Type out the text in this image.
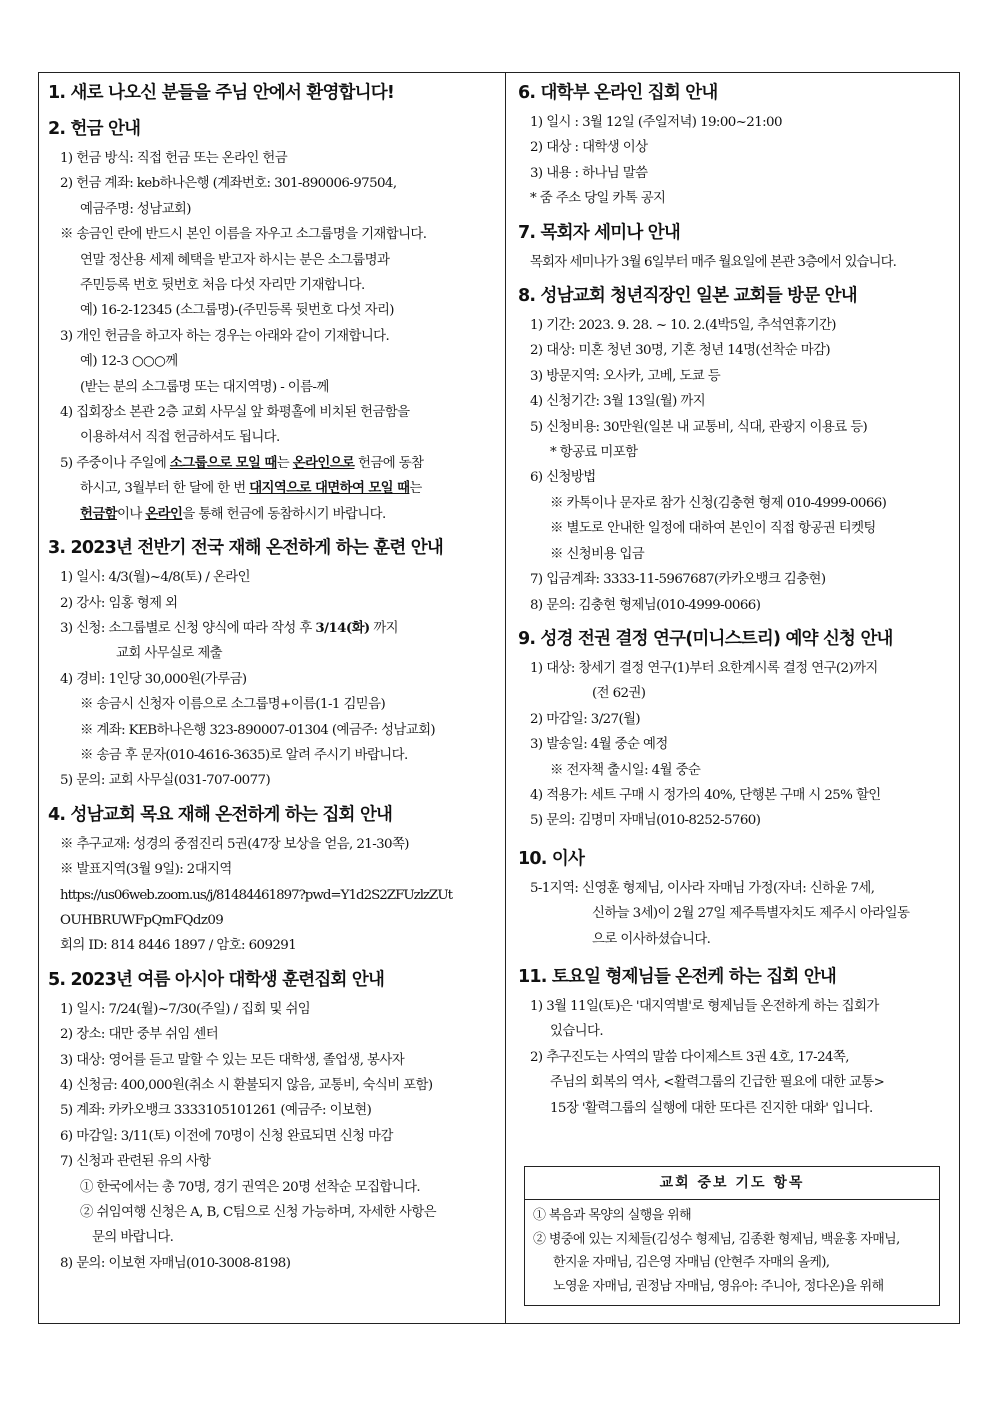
1. 새로 나오신 분들을 주님 안에서 환영합니다!
2. 헌금 안내
1) 헌금 방식: 직접 헌금 또는 온라인 헌금
2) 헌금 계좌: keb하나은행 (계좌번호: 301-890006-97504,
예금주명: 성남교회)
※ 송금인 란에 반드시 본인 이름을 자우고 소그룹명을 기재합니다.
연말 정산용 세제 혜택을 받고자 하시는 분은 소그룹명과
주민등록 번호 뒷번호 처음 다섯 자리만 기재합니다.
예) 16-2-12345 (소그룹명)-(주민등록 뒷번호 다섯 자리)
3) 개인 헌금을 하고자 하는 경우는 아래와 같이 기재합니다.
예) 12-3 ○○○께
(받는 분의 소그룹명 또는 대지역명) - 이름-께
4) 집회장소 본관 2층 교회 사무실 앞 화평홀에 비치된 헌금함을
이용하셔서 직접 헌금하셔도 됩니다.
5) 주중이나 주일에 소그룹으로 모일 때는 온라인으로 헌금에 동참
하시고, 3월부터 한 달에 한 번 대지역으로 대면하여 모일 때는
헌금함이나 온라인을 통해 헌금에 동참하시기 바랍니다.
3. 2023년 전반기 전국 재해 온전하게 하는 훈련 안내
1) 일시: 4/3(월)~4/8(토) / 온라인
2) 강사: 임홍 형제 외
3) 신청: 소그룹별로 신청 양식에 따라 작성 후 3/14(화) 까지
교회 사무실로 제출
4) 경비: 1인당 30,000원(가루금)
※ 송금시 신청자 이름으로 소그룹명+이름(1-1 김믿음)
※ 계좌: KEB하나은행 323-890007-01304 (예금주: 성남교회)
※ 송금 후 문자(010-4616-3635)로 알려 주시기 바랍니다.
5) 문의: 교회 사무실(031-707-0077)
4. 성남교회 목요 재해 온전하게 하는 집회 안내
※ 추구교재: 성경의 중점진리 5권(47장 보상을 얻음, 21-30쪽)
※ 발표지역(3월 9일): 2대지역
https://us06web.zoom.us/j/81484461897?pwd=Y1d2S2ZFUzlzZUt
OUHBRUWFpQmFQdz09
회의 ID: 814 8446 1897 / 암호: 609291
5. 2023년 여름 아시아 대학생 훈련집회 안내
1) 일시: 7/24(월)~7/30(주일) / 집회 및 쉬임
2) 장소: 대만 중부 쉬임 센터
3) 대상: 영어를 듣고 말할 수 있는 모든 대학생, 졸업생, 봉사자
4) 신청금: 400,000원(취소 시 환불되지 않음, 교통비, 숙식비 포함)
5) 계좌: 카카오뱅크 3333105101261 (예금주: 이보현)
6) 마감일: 3/11(토) 이전에 70명이 신청 완료되면 신청 마감
7) 신청과 관련된 유의 사항
① 한국에서는 총 70명, 경기 권역은 20명 선착순 모집합니다.
② 쉬임여행 신청은 A, B, C팀으로 신청 가능하며, 자세한 사항은
문의 바랍니다.
8) 문의: 이보현 자매님(010-3008-8198)
6. 대학부 온라인 집회 안내
1) 일시 : 3월 12일 (주일저녁) 19:00~21:00
2) 대상 : 대학생 이상
3) 내용 : 하나님 말씀
* 줌 주소 당일 카톡 공지
7. 목회자 세미나 안내
목회자 세미나가 3월 6일부터 매주 월요일에 본관 3층에서 있습니다.
8. 성남교회 청년직장인 일본 교회들 방문 안내
1) 기간: 2023. 9. 28. ~ 10. 2.(4박5일, 추석연휴기간)
2) 대상: 미혼 청년 30명, 기혼 청년 14명(선착순 마감)
3) 방문지역: 오사카, 고베, 도쿄 등
4) 신청기간: 3월 13일(월) 까지
5) 신청비용: 30만원(일본 내 교통비, 식대, 관광지 이용료 등)
* 항공료 미포함
6) 신청방법
※ 카톡이나 문자로 참가 신청(김충현 형제 010-4999-0066)
※ 별도로 안내한 일정에 대하여 본인이 직접 항공권 티켓팅
※ 신청비용 입금
7) 입금계좌: 3333-11-5967687(카카오뱅크 김충현)
8) 문의: 김충현 형제님(010-4999-0066)
9. 성경 전권 결정 연구(미니스트리) 예약 신청 안내
1) 대상: 창세기 결정 연구(1)부터 요한계시록 결정 연구(2)까지
(전 62권)
2) 마감일: 3/27(월)
3) 발송일: 4월 중순 예정
※ 전자책 출시일: 4월 중순
4) 적용가: 세트 구매 시 정가의 40%, 단행본 구매 시 25% 할인
5) 문의: 김명미 자매님(010-8252-5760)
10. 이사
5-1지역: 신영훈 형제님, 이사라 자매님 가정(자녀: 신하윤 7세,
신하늘 3세)이 2월 27일 제주특별자치도 제주시 아라일동
으로 이사하셨습니다.
11. 토요일 형제님들 온전케 하는 집회 안내
1) 3월 11일(토)은 '대지역별'로 형제님들 온전하게 하는 집회가
있습니다.
2) 추구진도는 사역의 말씀 다이제스트 3권 4호, 17-24쪽,
주님의 회복의 역사, <활력그룹의 긴급한 필요에 대한 교통>
15장 '활력그룹의 실행에 대한 또다른 진지한 대화' 입니다.
교회 중보 기도 항목
① 복음과 목양의 실행을 위해
② 병중에 있는 지체들(김성수 형제님, 김종환 형제님, 백윤홍 자매님,
한지윤 자매님, 김은영 자매님 (안현주 자매의 올케),
노영윤 자매님, 권정남 자매님, 영유아: 주니아, 정다온)을 위해
